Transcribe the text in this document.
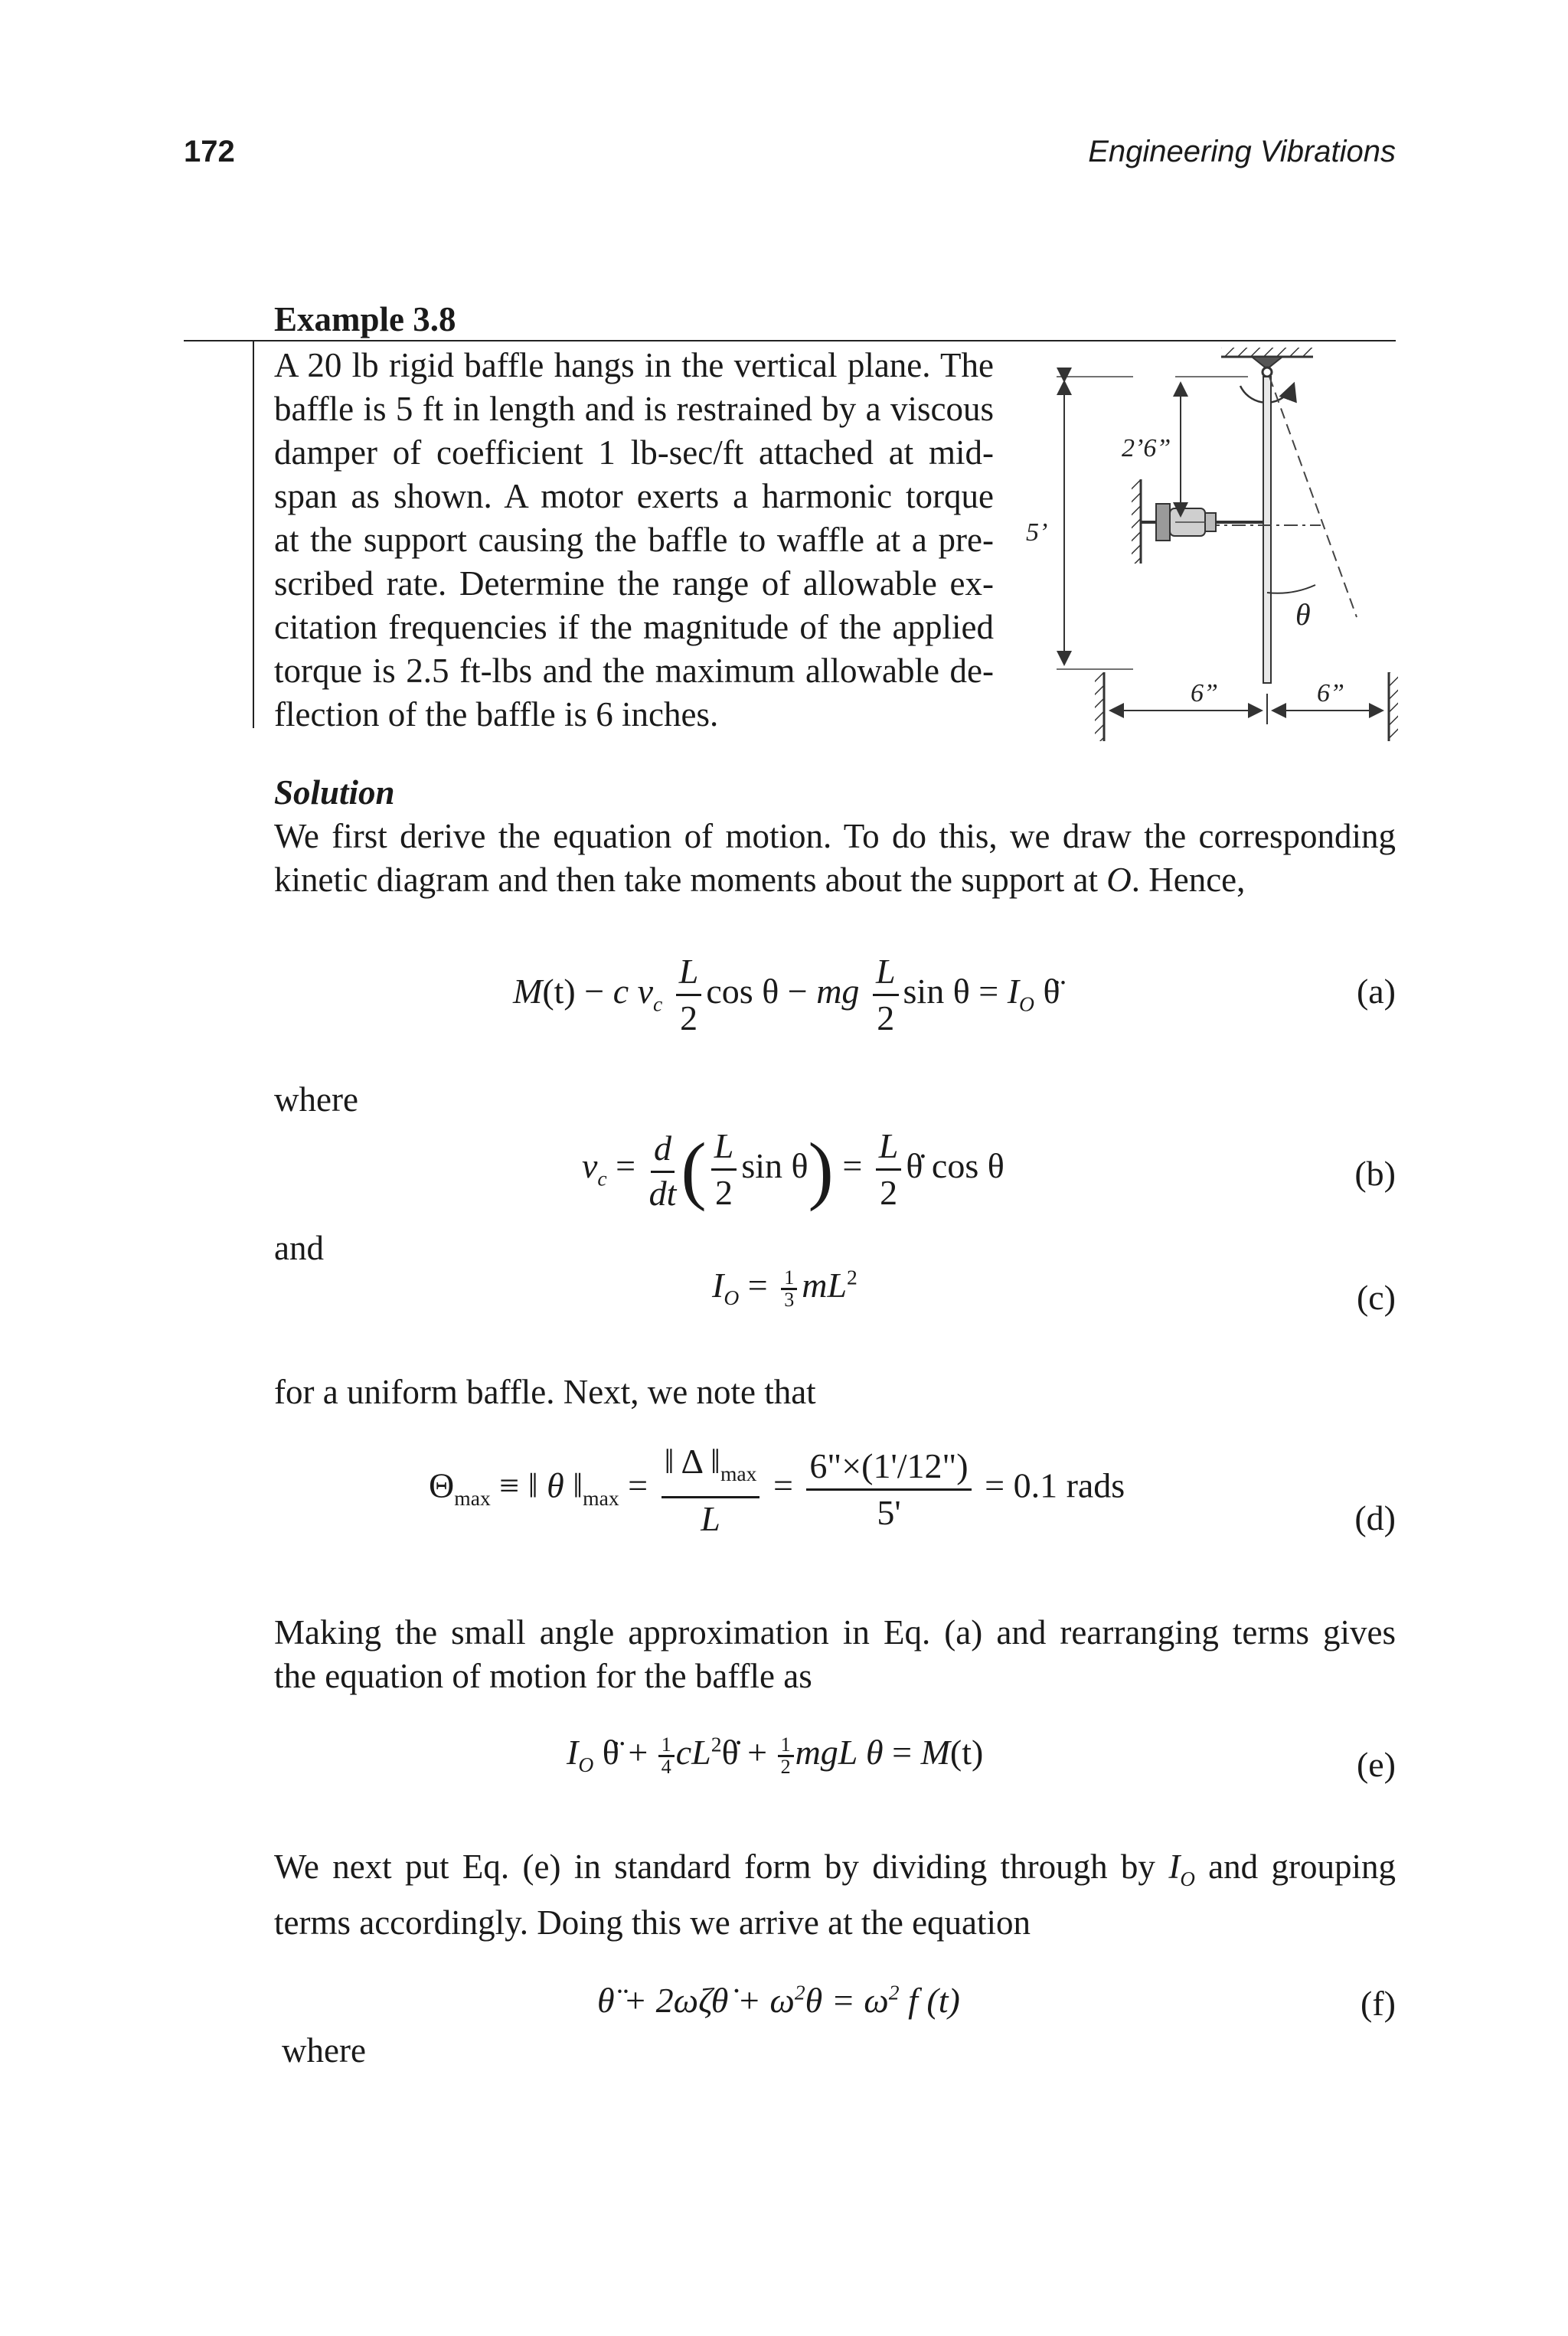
172	Engineering Vibrations
Example 3.8
A 20 lb rigid baffle hangs in the vertical plane. The
baffle is 5 ft in length and is restrained by a viscous
damper of coefficient 1 lb-sec/ft attached at mid-
span as shown. A motor exerts a harmonic torque
at the support causing the baffle to waffle at a pre-
scribed rate. Determine the range of allowable ex-
citation frequencies if the magnitude of the applied
torque is 2.5 ft-lbs and the maximum allowable de-
flection of the baffle is 6 inches.
θ
5’
2’6”
6”	6”
Solution
We first derive the equation of motion. To do this, we draw the corresponding
kinetic diagram and then take moments about the support at O. Hence,
M(t) − c $v_c \frac{L}{2}$ cos θ − mg $\frac{L}{2}$ $\sin \theta = I_O$ θ̈	(a)
where
$v_c = \frac{d}{dt}$ ( $\frac{L}{2}$ $\sin \theta) = \frac{L}{2}$ θ̇ cos θ	(b)
and
$I_O = \frac{1}{3} mL^2$
(c)
for a uniform baffle. Next, we note that
$\Theta_{max}$ ≡ ‖ θ $‖_{max} = \frac{‖ \Delta ‖_{max}}{L} = \frac{6"\times(1'/12")}{5'} = 0.1$ rads
(d)
Making the small angle approximation in Eq. (a) and rearranging terms gives
the equation of motion for the baffle as
$I_O$ θ̈ + $\frac{1}{4}$ $cL^2\thetȧ + \frac{1}{2}$ mgL θ = M(t)	(e)
We next put Eq. (e) in standard form by dividing through by $I_O$ and grouping
terms accordingly. Doing this we arrive at the equation
θ̈ + 2ωζθ̇ + $\omega^2\theta = \omega^2$ f (t)	(f)
where
